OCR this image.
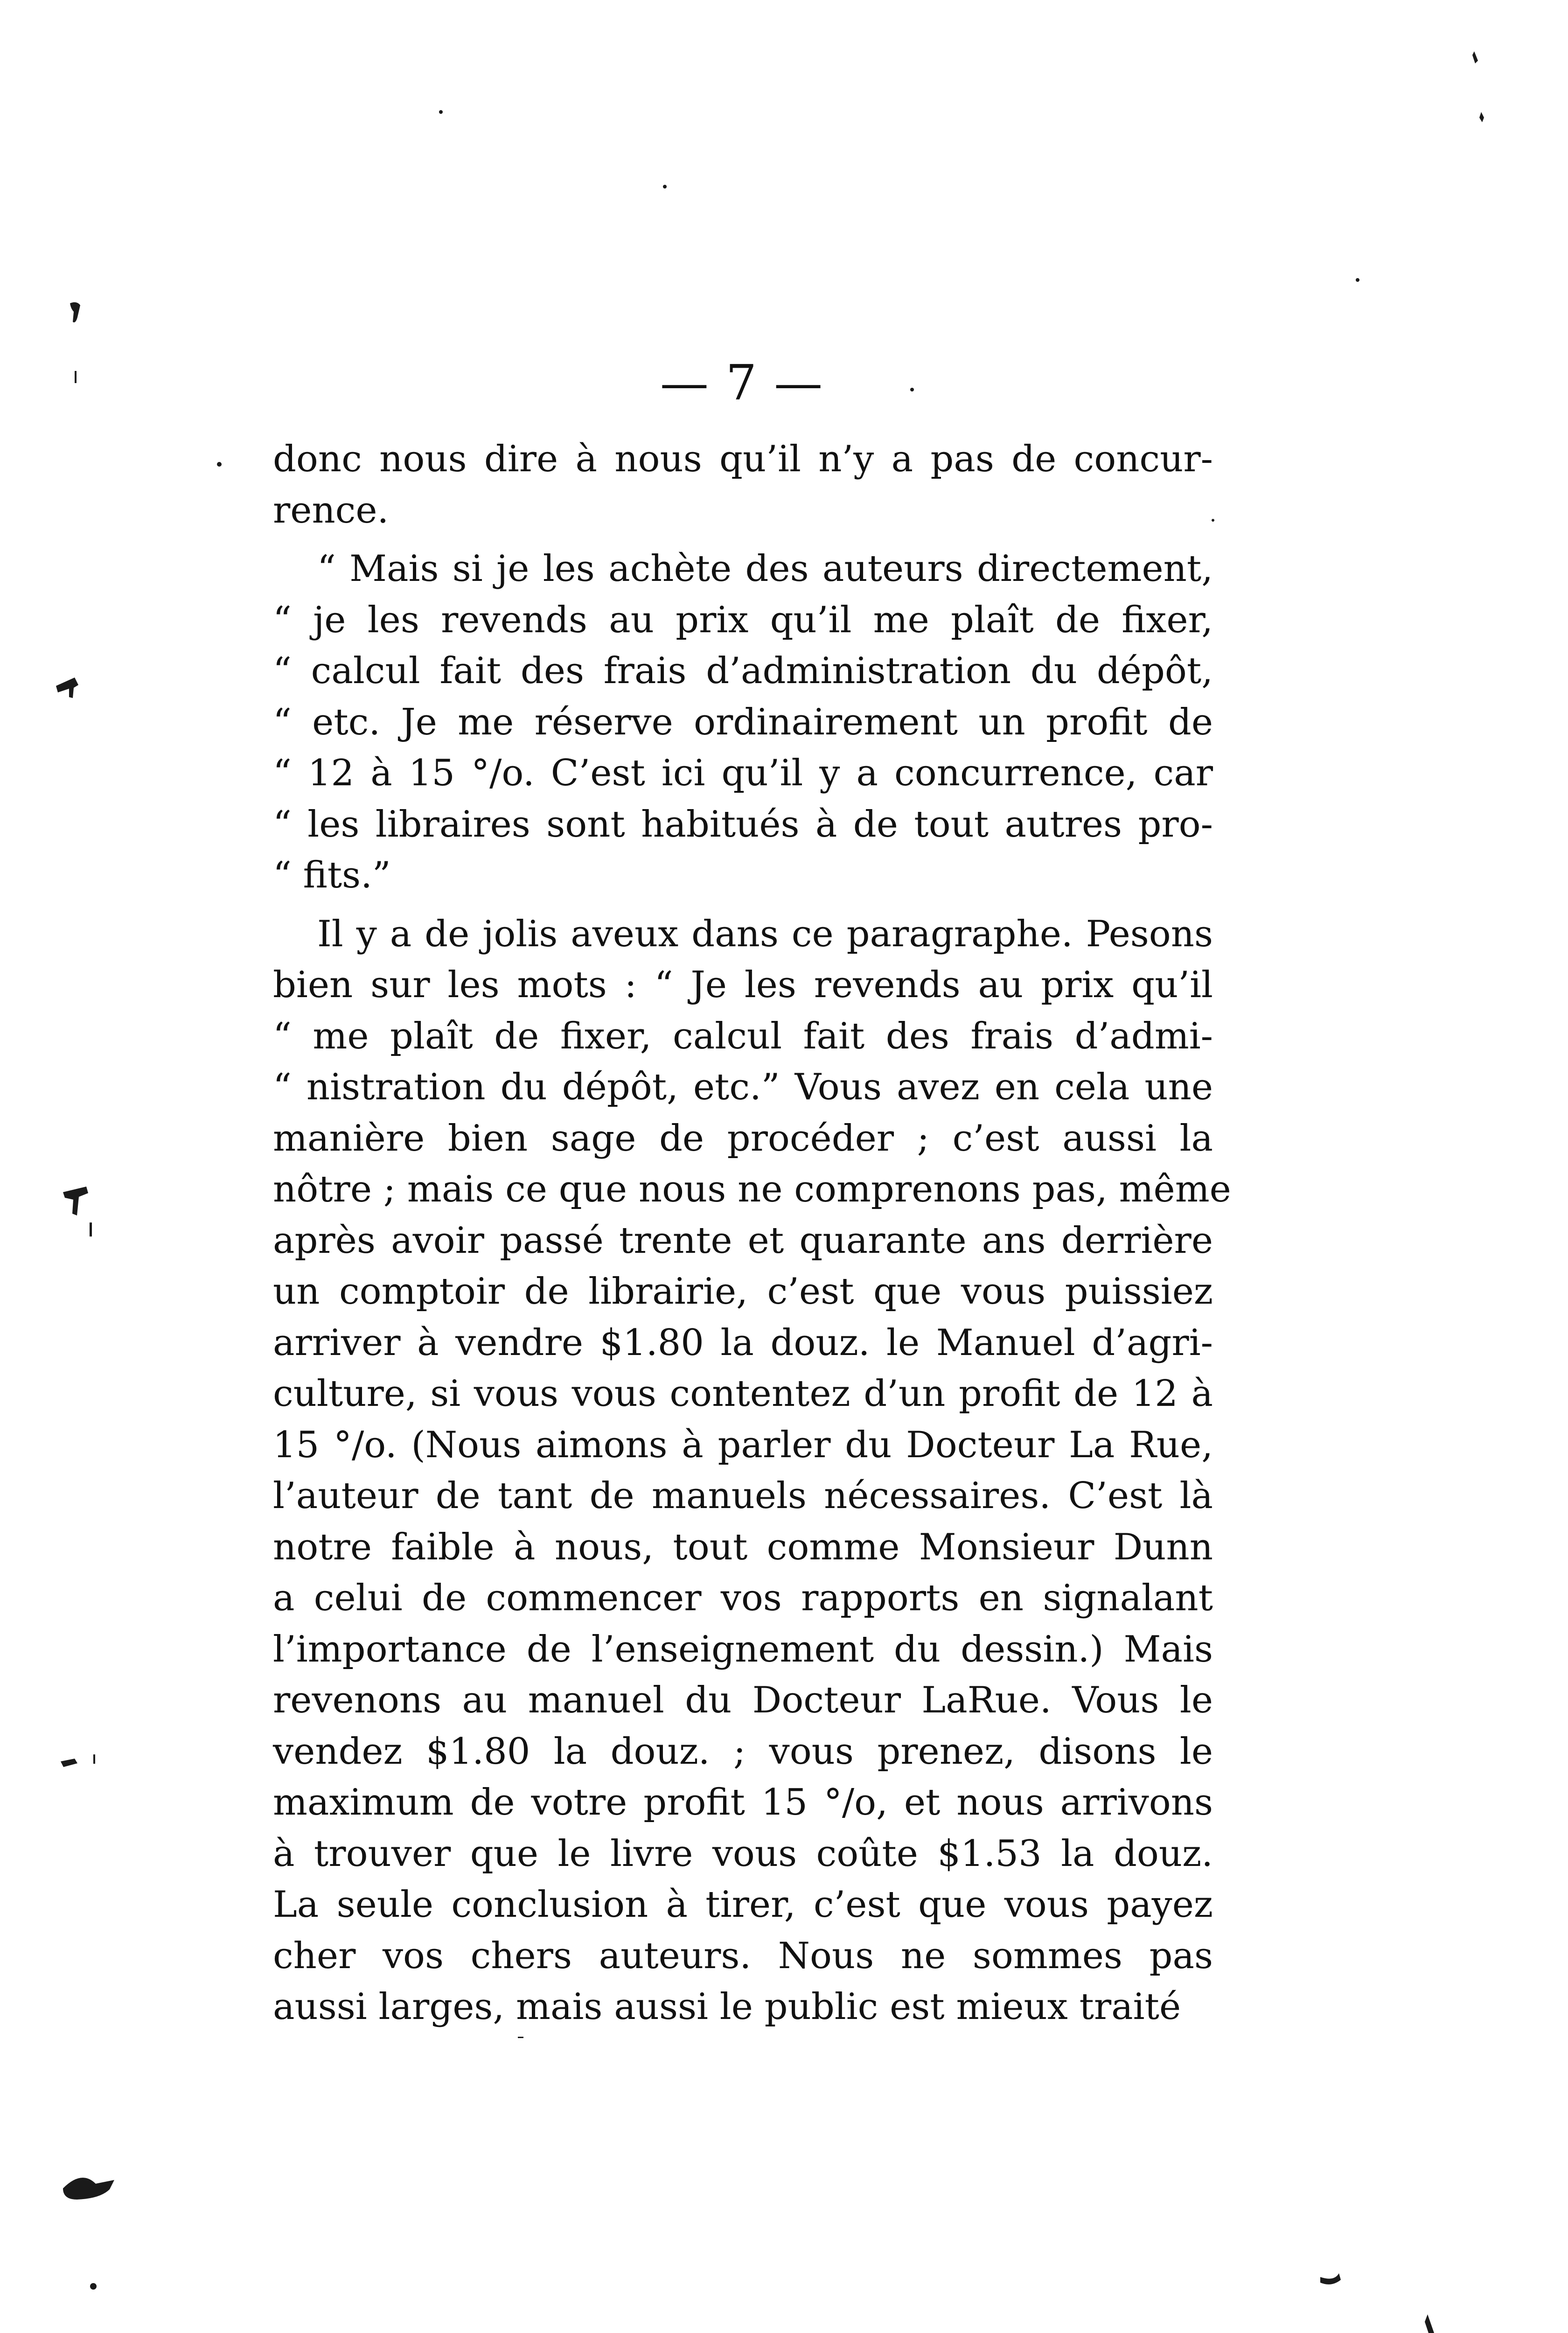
— 7 —
donc nous dire à nous qu’il n’y a pas de concur-
rence.
“ Mais si je les achète des auteurs directement,
“ je les revends au prix qu’il me plaît de fixer,
“ calcul fait des frais d’administration du dépôt,
“ etc. Je me réserve ordinairement un profit de
“ 12 à 15 °/o. C’est ici qu’il y a concurrence, car
“ les libraires sont habitués à de tout autres pro-
“ fits.”
Il y a de jolis aveux dans ce paragraphe. Pesons
bien sur les mots : “ Je les revends au prix qu’il
“ me plaît de fixer, calcul fait des frais d’admi-
“ nistration du dépôt, etc.” Vous avez en cela une
manière bien sage de procéder ; c’est aussi la
nôtre ; mais ce que nous ne comprenons pas, même
après avoir passé trente et quarante ans derrière
un comptoir de librairie, c’est que vous puissiez
arriver à vendre $1.80 la douz. le Manuel d’agri-
culture, si vous vous contentez d’un profit de 12 à
15 °/o. (Nous aimons à parler du Docteur La Rue,
l’auteur de tant de manuels nécessaires. C’est là
notre faible à nous, tout comme Monsieur Dunn
a celui de commencer vos rapports en signalant
l’importance de l’enseignement du dessin.) Mais
revenons au manuel du Docteur LaRue. Vous le
vendez $1.80 la douz. ; vous prenez, disons le
maximum de votre profit 15 °/o, et nous arrivons
à trouver que le livre vous coûte $1.53 la douz.
La seule conclusion à tirer, c’est que vous payez
cher vos chers auteurs. Nous ne sommes pas
aussi larges, mais aussi le public est mieux traité
